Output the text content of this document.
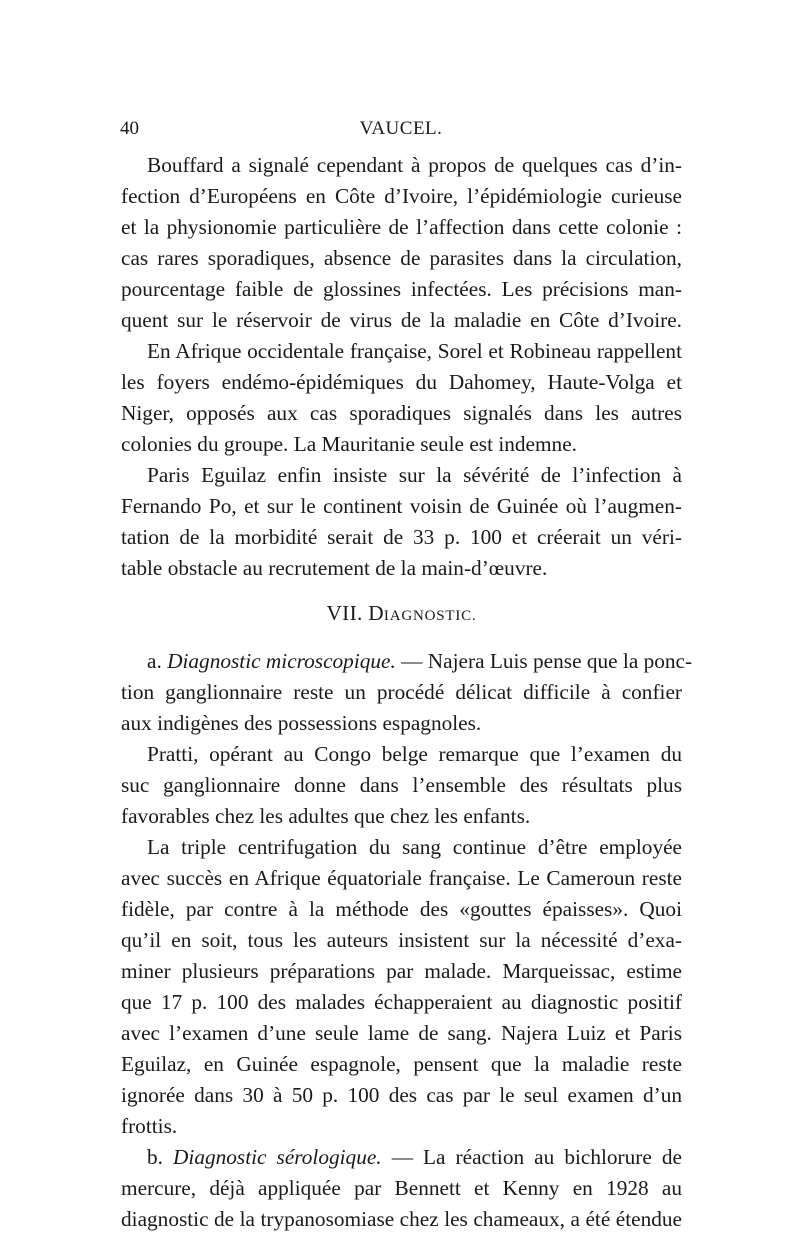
40	VAUCEL.
Bouffard a signalé cependant à propos de quelques cas d’in-
fection d’Européens en Côte d’Ivoire, l’épidémiologie curieuse
et la physionomie particulière de l’affection dans cette colonie :
cas rares sporadiques, absence de parasites dans la circulation,
pourcentage faible de glossines infectées. Les précisions man-
quent sur le réservoir de virus de la maladie en Côte d’Ivoire.
En Afrique occidentale française, Sorel et Robineau rappellent
les foyers endémo-épidémiques du Dahomey, Haute-Volga et
Niger, opposés aux cas sporadiques signalés dans les autres
colonies du groupe. La Mauritanie seule est indemne.
Paris Eguilaz enfin insiste sur la sévérité de l’infection à
Fernando Po, et sur le continent voisin de Guinée où l’augmen-
tation de la morbidité serait de 33 p. 100 et créerait un véri-
table obstacle au recrutement de la main-d’œuvre.
VII. DIAGNOSTIC.
a. Diagnostic microscopique. — Najera Luis pense que la ponc-
tion ganglionnaire reste un procédé délicat difficile à confier
aux indigènes des possessions espagnoles.
Pratti, opérant au Congo belge remarque que l’examen du
suc ganglionnaire donne dans l’ensemble des résultats plus
favorables chez les adultes que chez les enfants.
La triple centrifugation du sang continue d’être employée
avec succès en Afrique équatoriale française. Le Cameroun reste
fidèle, par contre à la méthode des «gouttes épaisses». Quoi
qu’il en soit, tous les auteurs insistent sur la nécessité d’exa-
miner plusieurs préparations par malade. Marqueissac, estime
que 17 p. 100 des malades échapperaient au diagnostic positif
avec l’examen d’une seule lame de sang. Najera Luiz et Paris
Eguilaz, en Guinée espagnole, pensent que la maladie reste
ignorée dans 30 à 50 p. 100 des cas par le seul examen d’un
frottis.
b. Diagnostic sérologique. — La réaction au bichlorure de
mercure, déjà appliquée par Bennett et Kenny en 1928 au
diagnostic de la trypanosomiase chez les chameaux, a été étendue
